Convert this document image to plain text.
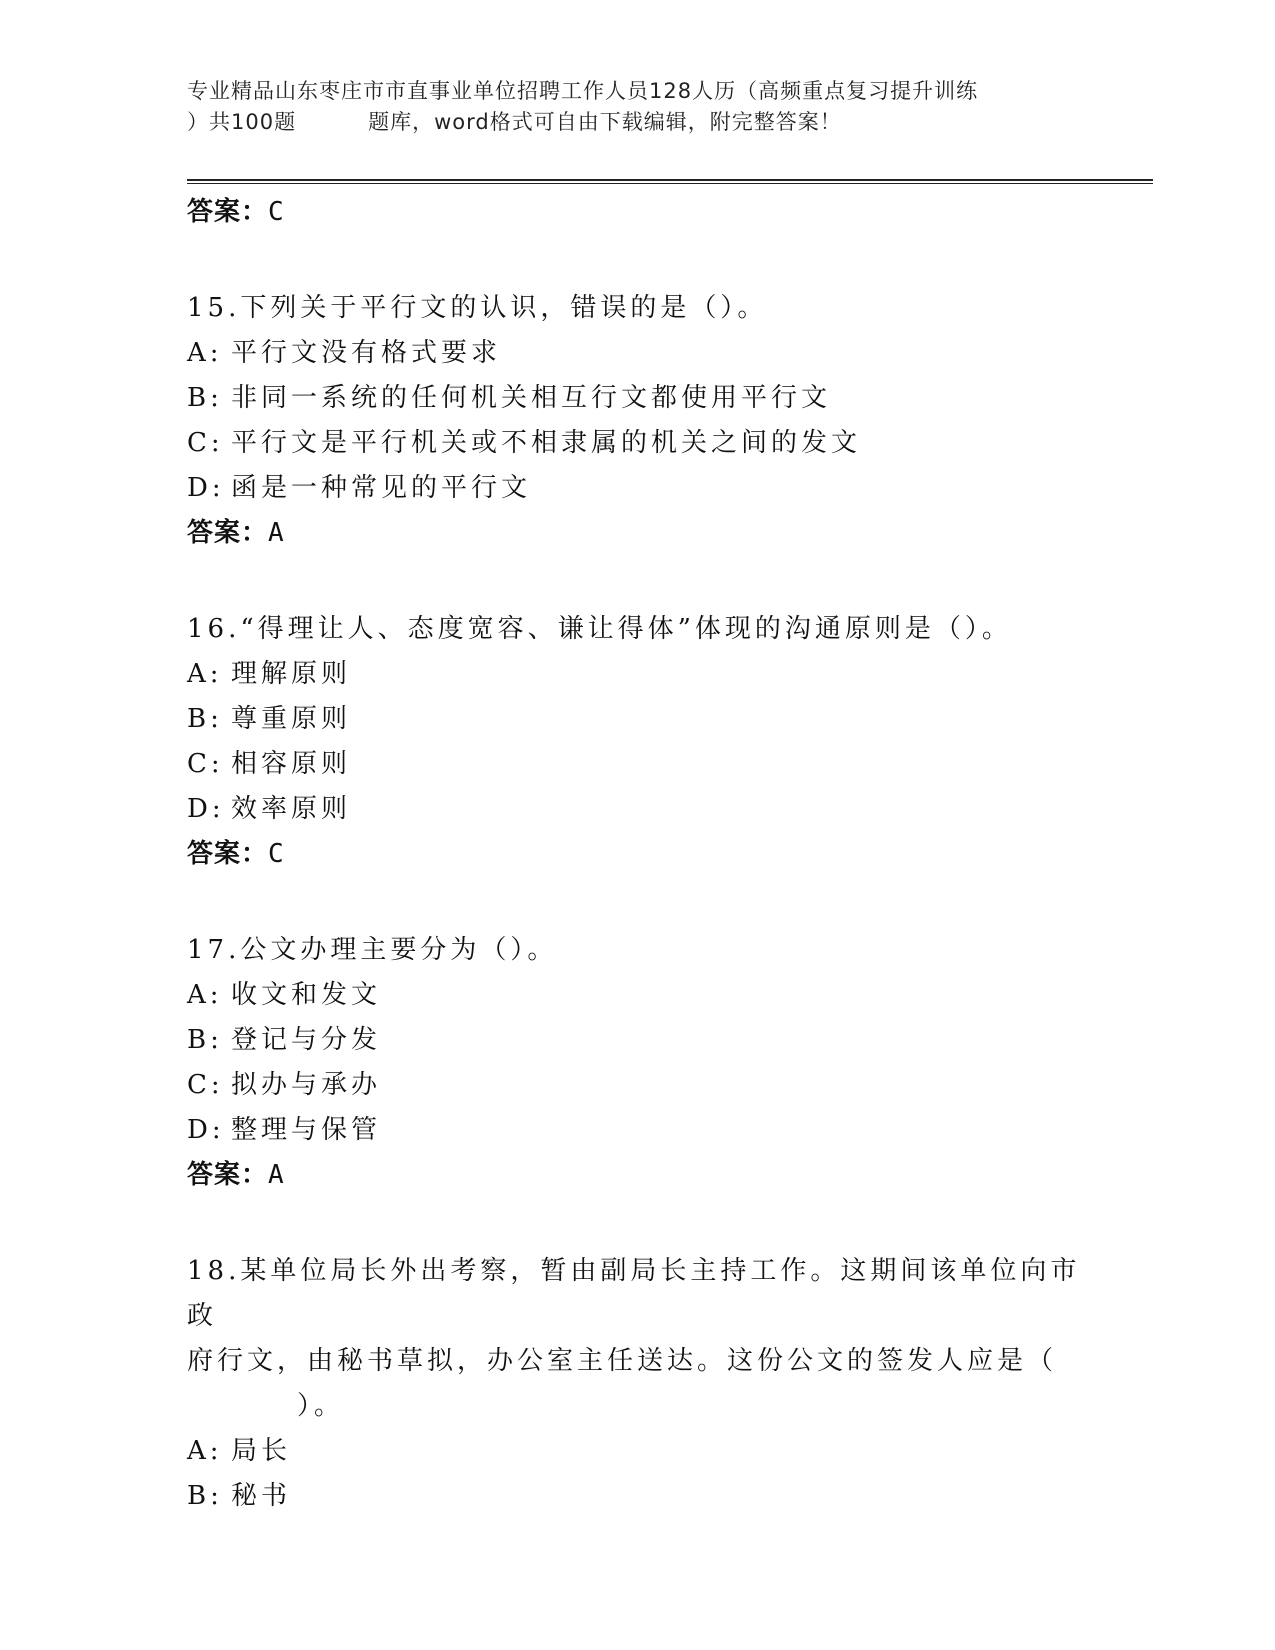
专业精品山东枣庄市市直事业单位招聘工作人员128人历（高频重点复习提升训练
）共100题	题库，word格式可自由下载编辑，附完整答案！

答案：C

15.下列关于平行文的认识，错误的是（）。

A: 平行文没有格式要求

B: 非同一系统的任何机关相互行文都使用平行文

C: 平行文是平行机关或不相隶属的机关之间的发文

D: 函是一种常见的平行文

答案：A

16.“得理让人、态度宽容、谦让得体”体现的沟通原则是（）。

A: 理解原则

B: 尊重原则

C: 相容原则

D: 效率原则

答案：C

17.公文办理主要分为（）。

A: 收文和发文

B: 登记与分发

C: 拟办与承办

D: 整理与保管

答案：A

18.某单位局长外出考察，暂由副局长主持工作。这期间该单位向市政

府行文，由秘书草拟，办公室主任送达。这份公文的签发人应是（

）。

A: 局长

B: 秘书
